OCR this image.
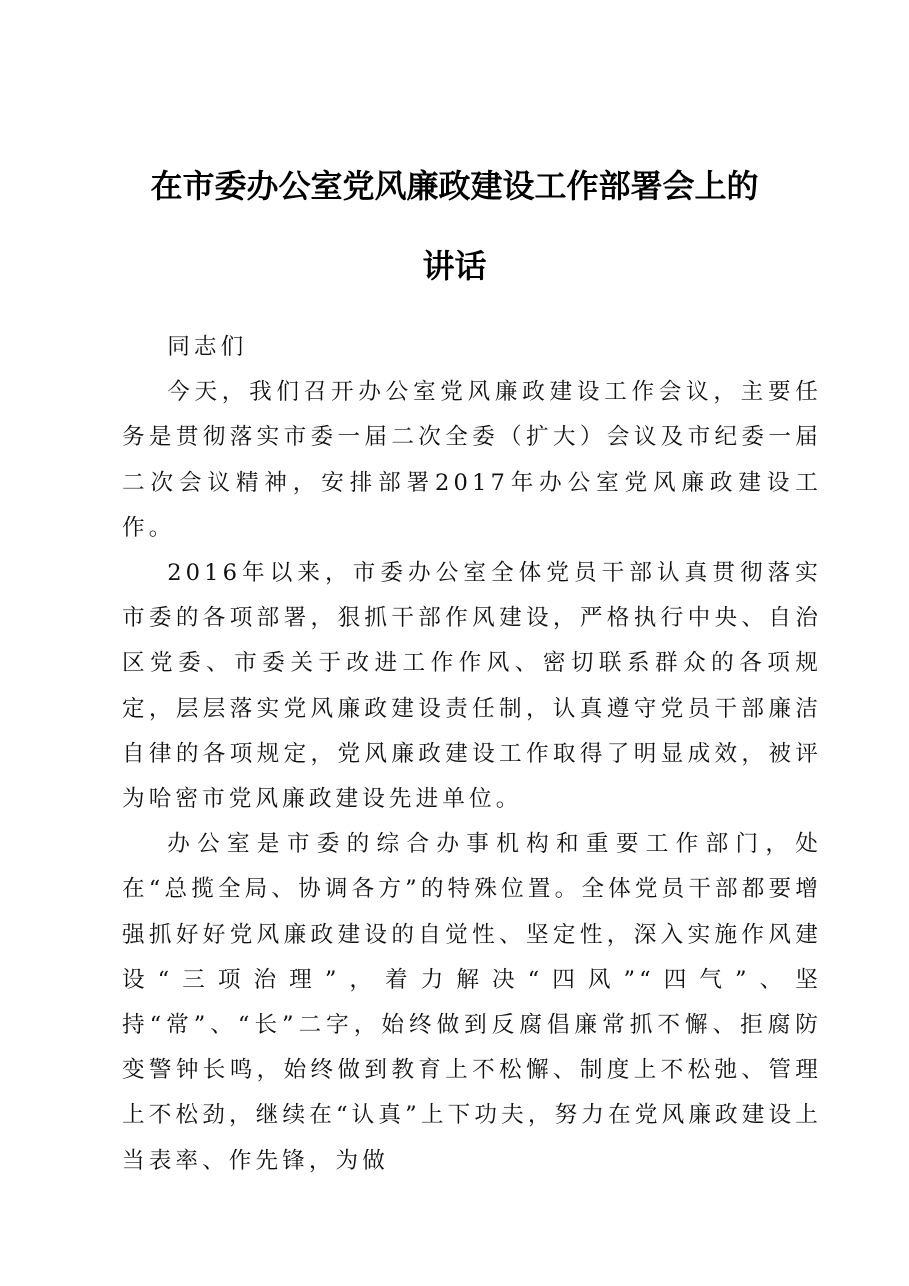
在市委办公室党风廉政建设工作部署会上的
讲话

同志们

今天，我们召开办公室党风廉政建设工作会议，主要任务是贯彻落实市委一届二次全委（扩大）会议及市纪委一届二次会议精神，安排部署2017年办公室党风廉政建设工作。

2016年以来，市委办公室全体党员干部认真贯彻落实市委的各项部署，狠抓干部作风建设，严格执行中央、自治区党委、市委关于改进工作作风、密切联系群众的各项规定，层层落实党风廉政建设责任制，认真遵守党员干部廉洁自律的各项规定，党风廉政建设工作取得了明显成效，被评为哈密市党风廉政建设先进单位。

办公室是市委的综合办事机构和重要工作部门，处在“总揽全局、协调各方”的特殊位置。全体党员干部都要增强抓好好党风廉政建设的自觉性、坚定性，深入实施作风建设“三项治理”，着力解决“四风”“四气”、坚持“常”、“长”二字，始终做到反腐倡廉常抓不懈、拒腐防变警钟长鸣，始终做到教育上不松懈、制度上不松弛、管理上不松劲，继续在“认真”上下功夫，努力在党风廉政建设上当表率、作先锋，为做
